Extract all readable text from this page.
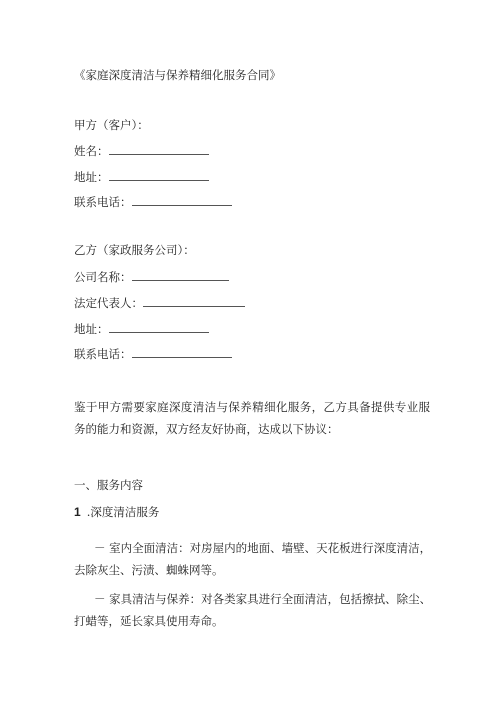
《家庭深度清洁与保养精细化服务合同》
甲方（客户）：
姓名：
地址：
联系电话：
乙方（家政服务公司）：
公司名称：
法定代表人：
地址：
联系电话：
鉴于甲方需要家庭深度清洁与保养精细化服务，乙方具备提供专业服务的能力和资源，双方经友好协商，达成以下协议：
一、服务内容
1 .深度清洁服务
－ 室内全面清洁：对房屋内的地面、墙壁、天花板进行深度清洁，去除灰尘、污渍、蜘蛛网等。
－ 家具清洁与保养：对各类家具进行全面清洁，包括擦拭、除尘、打蜡等，延长家具使用寿命。
